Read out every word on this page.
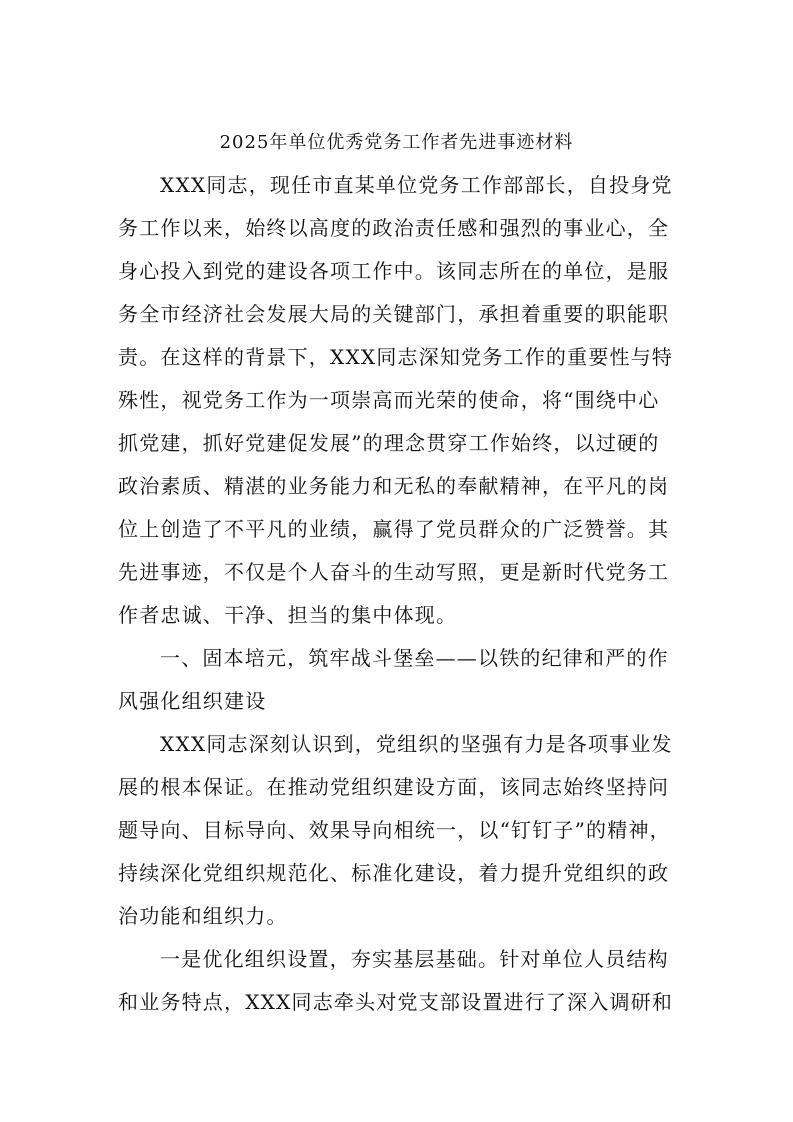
2025年单位优秀党务工作者先进事迹材料
XXX同志，现任市直某单位党务工作部部长，自投身党
务工作以来，始终以高度的政治责任感和强烈的事业心，全
身心投入到党的建设各项工作中。该同志所在的单位，是服
务全市经济社会发展大局的关键部门，承担着重要的职能职
责。在这样的背景下，XXX同志深知党务工作的重要性与特
殊性，视党务工作为一项崇高而光荣的使命，将“围绕中心
抓党建，抓好党建促发展”的理念贯穿工作始终，以过硬的
政治素质、精湛的业务能力和无私的奉献精神，在平凡的岗
位上创造了不平凡的业绩，赢得了党员群众的广泛赞誉。其
先进事迹，不仅是个人奋斗的生动写照，更是新时代党务工
作者忠诚、干净、担当的集中体现。
一、固本培元，筑牢战斗堡垒——以铁的纪律和严的作
风强化组织建设
XXX同志深刻认识到，党组织的坚强有力是各项事业发
展的根本保证。在推动党组织建设方面，该同志始终坚持问
题导向、目标导向、效果导向相统一，以“钉钉子”的精神，
持续深化党组织规范化、标准化建设，着力提升党组织的政
治功能和组织力。
一是优化组织设置，夯实基层基础。针对单位人员结构
和业务特点，XXX同志牵头对党支部设置进行了深入调研和
